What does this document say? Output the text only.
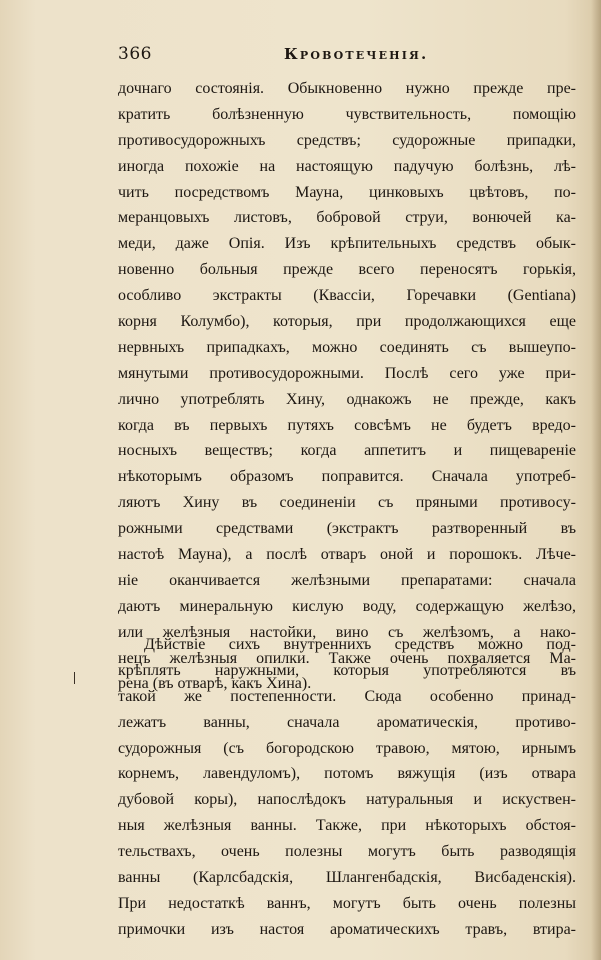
366	Кровотеченія.
дочнаго состоянія. Обыкновенно нужно прежде пре-
кратить болѣзненную чувствительность, помощію
противосудорожныхъ средствъ; судорожные припадки,
иногда похожіе на настоящую падучую болѣзнь, лѣ-
чить посредствомъ Мауна, цинковыхъ цвѣтовъ, по-
меранцовыхъ листовъ, бобровой струи, вонючей ка-
меди, даже Опія. Изъ крѣпительныхъ средствъ обык-
новенно больныя прежде всего переносятъ горькія,
особливо экстракты (Квассіи, Горечавки (Gentiana)
корня Колумбо), которыя, при продолжающихся еще
нервныхъ припадкахъ, можно соединять съ вышеупо-
мянутыми противосудорожными. Послѣ сего уже при-
лично употреблять Хину, однакожъ не прежде, какъ
когда въ первыхъ путяхъ совсѣмъ не будетъ вредо-
носныхъ веществъ; когда аппетитъ и пищевареніе
нѣкоторымъ образомъ поправится. Сначала употреб-
ляютъ Хину въ соединеніи съ пряными противосу-
рожными средствами (экстрактъ разтворенный въ
настоѣ Мауна), а послѣ отваръ оной и порошокъ. Лѣче-
ніе оканчивается желѣзными препаратами: сначала
даютъ минеральную кислую воду, содержащую желѣзо,
или желѣзныя настойки, вино съ желѣзомъ, а нако-
нецъ желѣзныя опилки. Также очень похваляется Ма-
рена (въ отварѣ, какъ Хина).
Дѣйствіе сихъ внутреннихъ средствъ можно под-
крѣплять наружными, которыя употребляются въ
такой же постепенности. Сюда особенно принад-
лежатъ ванны, сначала ароматическія, противо-
судорожныя (съ богородскою травою, мятою, ирнымъ
корнемъ, лавендуломъ), потомъ вяжущія (изъ отвара
дубовой коры), напослѣдокъ натуральныя и искуствен-
ныя желѣзныя ванны. Также, при нѣкоторыхъ обстоя-
тельствахъ, очень полезны могутъ быть разводящія
ванны (Карлсбадскія, Шлангенбадскія, Висбаденскія).
При недостаткѣ ваннъ, могутъ быть очень полезны
примочки изъ настоя ароматическихъ травъ, втира-
